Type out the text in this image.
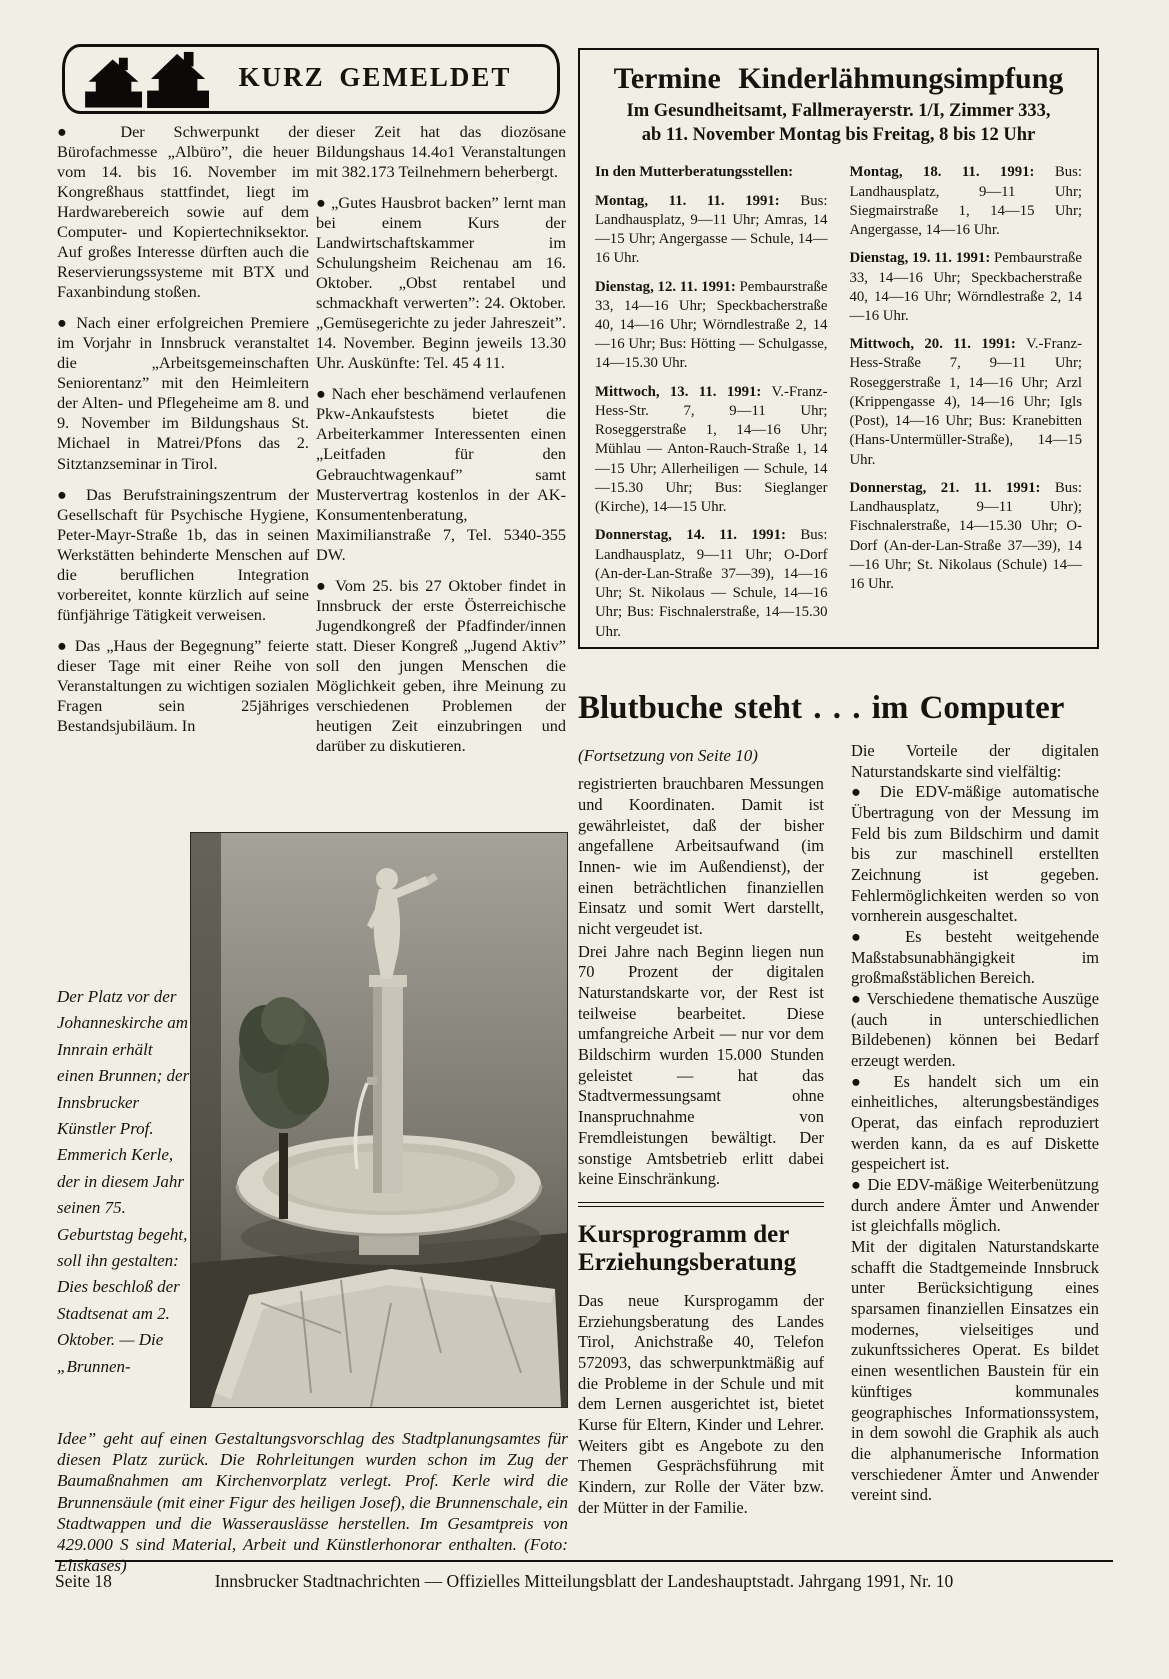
KURZ GEMELDET

● Der Schwerpunkt der Bürofachmesse „Albüro”, die heuer vom 14. bis 16. November im Kongreßhaus stattfindet, liegt im Hardwarebereich sowie auf dem Computer- und Kopiertechniksektor. Auf großes Interesse dürften auch die Reservierungssysteme mit BTX und Faxanbindung stoßen.

● Nach einer erfolgreichen Premiere im Vorjahr in Innsbruck veranstaltet die „Arbeitsgemeinschaften Seniorentanz” mit den Heimleitern der Alten- und Pflegeheime am 8. und 9. November im Bildungshaus St. Michael in Matrei/Pfons das 2. Sitztanzseminar in Tirol.

● Das Berufstrainingszentrum der Gesellschaft für Psychische Hygiene, Peter-Mayr-Straße 1b, das in seinen Werkstätten behinderte Menschen auf die beruflichen Integration vorbereitet, konnte kürzlich auf seine fünfjährige Tätigkeit verweisen.

● Das „Haus der Begegnung” feierte dieser Tage mit einer Reihe von Veranstaltungen zu wichtigen sozialen Fragen sein 25jähriges Bestandsjubiläum. In

dieser Zeit hat das diozösane Bildungshaus 14.4o1 Veranstaltungen mit 382.173 Teilnehmern beherbergt.

● „Gutes Hausbrot backen” lernt man bei einem Kurs der Landwirtschaftskammer im Schulungsheim Reichenau am 16. Oktober. „Obst rentabel und schmackhaft verwerten”: 24. Oktober. „Gemüsegerichte zu jeder Jahreszeit”. 14. November. Beginn jeweils 13.30 Uhr. Auskünfte: Tel. 45 4 11.

● Nach eher beschämend verlaufenen Pkw-Ankaufstests bietet die Arbeiterkammer Interessenten einen „Leitfaden für den Gebrauchtwagenkauf” samt Mustervertrag kostenlos in der AK-Konsumentenberatung, Maximilianstraße 7, Tel. 5340-355 DW.

● Vom 25. bis 27 Oktober findet in Innsbruck der erste Österreichische Jugendkongreß der Pfadfinder/innen statt. Dieser Kongreß „Jugend Aktiv” soll den jungen Menschen die Möglichkeit geben, ihre Meinung zu verschiedenen Problemen der heutigen Zeit einzubringen und darüber zu diskutieren.

Termine Kinderlähmungsimpfung
Im Gesundheitsamt, Fallmerayerstr. 1/I, Zimmer 333,
ab 11. November Montag bis Freitag, 8 bis 12 Uhr

In den Mutterberatungsstellen:

Montag, 11. 11. 1991: Bus: Landhausplatz, 9—11 Uhr; Amras, 14—15 Uhr; Angergasse — Schule, 14—16 Uhr.

Dienstag, 12. 11. 1991: Pembaurstraße 33, 14—16 Uhr; Speckbacherstraße 40, 14—16 Uhr; Wörndlestraße 2, 14—16 Uhr; Bus: Hötting — Schulgasse, 14—15.30 Uhr.

Mittwoch, 13. 11. 1991: V.-Franz-Hess-Str. 7, 9—11 Uhr; Roseggerstraße 1, 14—16 Uhr; Mühlau — Anton-Rauch-Straße 1, 14—15 Uhr; Allerheiligen — Schule, 14—15.30 Uhr; Bus: Sieglanger (Kirche), 14—15 Uhr.

Donnerstag, 14. 11. 1991: Bus: Landhausplatz, 9—11 Uhr; O-Dorf (An-der-Lan-Straße 37—39), 14—16 Uhr; St. Nikolaus — Schule, 14—16 Uhr; Bus: Fischnalerstraße, 14—15.30 Uhr.

Montag, 18. 11. 1991: Bus: Landhausplatz, 9—11 Uhr; Siegmairstraße 1, 14—15 Uhr; Angergasse, 14—16 Uhr.

Dienstag, 19. 11. 1991: Pembaurstraße 33, 14—16 Uhr; Speckbacherstraße 40, 14—16 Uhr; Wörndlestraße 2, 14—16 Uhr.

Mittwoch, 20. 11. 1991: V.-Franz-Hess-Straße 7, 9—11 Uhr; Roseggerstraße 1, 14—16 Uhr; Arzl (Krippengasse 4), 14—16 Uhr; Igls (Post), 14—16 Uhr; Bus: Kranebitten (Hans-Untermüller-Straße), 14—15 Uhr.

Donnerstag, 21. 11. 1991: Bus: Landhausplatz, 9—11 Uhr); Fischnalerstraße, 14—15.30 Uhr; O-Dorf (An-der-Lan-Straße 37—39), 14—16 Uhr; St. Nikolaus (Schule) 14—16 Uhr.

Blutbuche steht . . . im Computer

(Fortsetzung von Seite 10)

registrierten brauchbaren Messungen und Koordinaten. Damit ist gewährleistet, daß der bisher angefallene Arbeitsaufwand (im Innen- wie im Außendienst), der einen beträchtlichen finanziellen Einsatz und somit Wert darstellt, nicht vergeudet ist.

Drei Jahre nach Beginn liegen nun 70 Prozent der digitalen Naturstandskarte vor, der Rest ist teilweise bearbeitet. Diese umfangreiche Arbeit — nur vor dem Bildschirm wurden 15.000 Stunden geleistet — hat das Stadtvermessungsamt ohne Inanspruchnahme von Fremdleistungen bewältigt. Der sonstige Amtsbetrieb erlitt dabei keine Einschränkung.

Kursprogramm der
Erziehungsberatung

Das neue Kursprogamm der Erziehungsberatung des Landes Tirol, Anichstraße 40, Telefon 572093, das schwerpunktmäßig auf die Probleme in der Schule und mit dem Lernen ausgerichtet ist, bietet Kurse für Eltern, Kinder und Lehrer. Weiters gibt es Angebote zu den Themen Gesprächsführung mit Kindern, zur Rolle der Väter bzw. der Mütter in der Familie.

Die Vorteile der digitalen Naturstandskarte sind vielfältig:

● Die EDV-mäßige automatische Übertragung von der Messung im Feld bis zum Bildschirm und damit bis zur maschinell erstellten Zeichnung ist gegeben. Fehlermöglichkeiten werden so von vornherein ausgeschaltet.

● Es besteht weitgehende Maßstabsunabhängigkeit im großmaßstäblichen Bereich.

● Verschiedene thematische Auszüge (auch in unterschiedlichen Bildebenen) können bei Bedarf erzeugt werden.

● Es handelt sich um ein einheitliches, alterungsbeständiges Operat, das einfach reproduziert werden kann, da es auf Diskette gespeichert ist.

● Die EDV-mäßige Weiterbenützung durch andere Ämter und Anwender ist gleichfalls möglich.

Mit der digitalen Naturstandskarte schafft die Stadtgemeinde Innsbruck unter Berücksichtigung eines sparsamen finanziellen Einsatzes ein modernes, vielseitiges und zukunftssicheres Operat. Es bildet einen wesentlichen Baustein für ein künftiges kommunales geographisches Informationssystem, in dem sowohl die Graphik als auch die alphanumerische Information verschiedener Ämter und Anwender vereint sind.

Der Platz vor der Johanneskirche am Innrain erhält einen Brunnen; der Innsbrucker Künstler Prof. Emmerich Kerle, der in diesem Jahr seinen 75. Geburtstag begeht, soll ihn gestalten: Dies beschloß der Stadtsenat am 2. Oktober. — Die „Brunnen-
Idee” geht auf einen Gestaltungsvorschlag des Stadtplanungsamtes für diesen Platz zurück. Die Rohrleitungen wurden schon im Zug der Baumaßnahmen am Kirchenvorplatz verlegt. Prof. Kerle wird die Brunnensäule (mit einer Figur des heiligen Josef), die Brunnenschale, ein Stadtwappen und die Wasserauslässe herstellen. Im Gesamtpreis von 429.000 S sind Material, Arbeit und Künstlerhonorar enthalten. (Foto: Eliskases)
Seite 18	Innsbrucker Stadtnachrichten — Offizielles Mitteilungsblatt der Landeshauptstadt. Jahrgang 1991, Nr. 10
